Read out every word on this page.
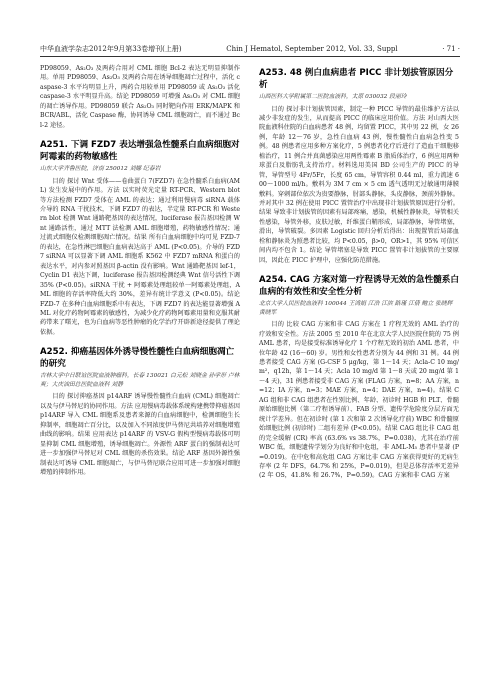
中华血液学杂志2012年9月第33卷增刊(上册)	Chin J Hematol, September 2012, Vol. 33, Suppl	· 71 ·

PD98059、As₂O₃ 及两药合用对 CML 细胞 Bcl-2 表达无明显抑制作用。单用 PD98059、As₂O₃ 及两药合用在诱导细胞凋亡过程中，活化 caspase-3 水平均明显上升，两药合用较单用 PD98059 或 As₂O₃ 活化 caspase-3 水平明显升高。结论 PD98059 可增强 As₂O₃ 对 CML 细胞的凋亡诱导作用。PD98059 联合 As₂O₃ 同时靶向作用 ERK/MAPK 和 BCR/ABL，活化 Caspase 酶，协同诱导 CML 细胞凋亡，而不通过 Bcl-2 途径。

A251. 下调 FZD7 表达增强急性髓系白血病细胞对阿霉素的药物敏感性
山东大学齐鲁医院，济南 250012 刘娜 纪春岩

目的 探讨 Wnt 受体——卷曲蛋白 7(FZD7) 在急性髓系白血病(AML) 发生发展中的作用。方法 以实时荧光定量 RT-PCR、Western blot 等方法检测 FZD7 受体在 AML 的表达；通过利用慢病毒 siRNA 载体介导的 RNA 干扰技术，下调 FZD7 的表达，半定量 RT-PCR 和 Western blot 检测 Wnt 通路靶基因的表达情况，luciferase 报告基因检测 Wnt 通路活性，通过 MTT 法检测 AML 细胞增殖，药物敏感性情况；通过流式细胞仪检测细胞凋亡情况。结果 所有白血病细胞中均可见 FZD-7 的表达，在急性淋巴细胞白血病表达高于 AML (P<0.05)。介导的 FZD7 siRNA 可以显著下调 AML 细胞系 K562 中 FZD7 mRNA 和蛋白的表达水平，对内参对照基因 β-actin 没有影响。Wnt 通路靶基因 lef-1，Cyclin D1 表达下调，luciferase 报告基因检测经典 Wnt 信号活性下调 35% (P<0.05)。siRNA 干扰 + 阿霉素处理组较单一阿霉素处理组，AML 细胞的存活率降低大约 30%，差异有统计学意义 (P<0.05)。结论 FZD-7 在多种白血病细胞系中有表达，下调 FZD7 的表达能显著增强 AML 对化疗药物阿霉素的敏感性，为减少化疗药物阿霉素用量和克服其耐药带来了曙光，也为白血病等恶性肿瘤的化学治疗开辟新途径提供了理论依据。

A252. 抑癌基因体外诱导慢性髓性白血病细胞凋亡的研究
吉林大学中日联谊医院血液肿瘤科，长春 130021 白元松 刘晓金 孙学形 卢林爽；大庆油田总医院血液科 刘静

目的 探讨抑癌基因 p14ARF 诱导慢性髓性白血病 (CML) 细胞凋亡以及与伊马替尼的协同作用。方法 应用慢病毒载体系统构建携带抑癌基因 p14ARF 导入 CML 细胞系及患者来源的白血病细胞中，检测细胞生长抑制率，细胞凋亡百分比，以及加入不同浓度伊马替尼共培养对细胞增殖曲线的影响。结果 应用表达 p14ARF 的 VSV-G 假构型慢病毒载体可明显抑制 CML 细胞增殖，诱导细胞凋亡。外源性 ARF 蛋白的强制表达可进一步加强伊马替尼对 CML 细胞的杀伤效果。结论 ARF 基因外源性强制表达可诱导 CML 细胞凋亡，与伊马替尼联合应用可进一步加强对细胞增殖的抑制作用。

A253. 48 例白血病患者 PICC 非计划拔管原因分析
山西医科大学附属第二医院血液科，太原 030032 段丽玲

目的 探讨非计划拔管因素，制定一种 PICC 导管的最佳维护方法以减少非发症的发生，从而提高 PICC 的临床应用价值。方法 对山西大医院血液科住院的白血病患者 48 例，均留置 PICC，其中男 22 例，女 26 例，年龄 12～76 岁，急性白血病 43 例，慢性髓性白血病急性变 5 例。48 例患者应用多种方案化疗，5 例患者化疗后进行了造血干细胞移植治疗，11 例合并真菌感染应用两性霉素 B 脂质体治疗，6 例应用两种球蛋白及脂肪乳支持治疗。材料选用美国 BD 公司生产的 PICC 的导管，导管型号 4Fr/5Fr，长度 65 cm，导管容积 0.44 ml，重力流速 600～1000 ml/h。敷料为 3M 7 cm × 5 cm 透气透明无过敏通明薄膜敷料。穿刺部位依次为贵要静脉，肘部头静脉，头皮静脉，颈前外静脉。并对其中 32 例在使用 PICC 置管治疗中出现非计划拔管原因进行分析。结果 导致非计划拔管的因素有局部疼痛，感染，机械性静脉炎，导管相关性感染，导管外移，皮肤过敏，纤维蛋白鞘形成，局部静脉，导管堵塞，滑出，导管破裂。多因素 Logistic 回归分析后得出：出现置管后局部血栓和静脉炎为照患者比较，均 P<0.05，β>0，OR>1，其 95% 可信区间内均不包含 1。结论 导管堵塞是导致 PICC 置管非计划拔管的主要原因，因此在 PICC 护理中，应强化防范措施。

A254. CAG 方案对第一疗程诱导无效的急性髓系白血病的有效性和安全性分析
北京大学人民医院血液科 100044 王鸿娟 江浩 江滨 路瑾 江倩 鲍立 张晓辉 黄晓军

目的 比较 CAG 方案和非 CAG 方案在 1 疗程无效的 AML 治疗的疗效和安全性。方法 2005 至 2010 年在北京大学人民医院住院的 75 例 AML 患者，均是接受标准诱导化疗 1 个疗程无效的初治 AML 患者，中位年龄 42 (16～60) 岁。男性和女性患者分别为 44 例和 31 例。44 例患者接受 CAG 方案 (G-CSF 5 μg/kg，第 1～14 天；Acla-C 10 mg/m²，q12h，第 1～14 天；Acla 10 mg/d 第 1～8 天或 20 mg/d 第 1～4 天)，31 例患者接受非 CAG 方案 (FLAG 方案，n=8；AA 方案，n=12；IA 方案，n=3；MAE 方案，n=4；DAE 方案，n=4)。结果 CAG 组和非 CAG 组患者在性别比例、年龄、初诊时 HGB 和 PLT、骨髓原始细胞比例（第二疗程诱导前）、FAB 分型、遗传学危险度分层方面无统计学差异。但在初诊时 (第 1 次和第 2 次诱导化疗前) WBC 和骨髓原始细胞比例 (初诊时) 二组有差异 (P<0.05)。结果 CAG 组比非 CAG 组的完全缓解 (CR) 率高 (63.6% vs 38.7%，P=0.038)，尤其在治疗前 WBC 低，细胞遗传学划分为良好和中危组，非 AML-M₅ 患者中显著 (P=0.019)。在中危和高危组 CAG 方案比非 CAG 方案获得更好的无病生存率 (2 年 DFS，64.7% 和 25%，P=0.019)，但是总体存活率无差异 (2 年 OS，41.8% 和 26.7%，P=0.59)。CAG 方案和非 CAG 方案
